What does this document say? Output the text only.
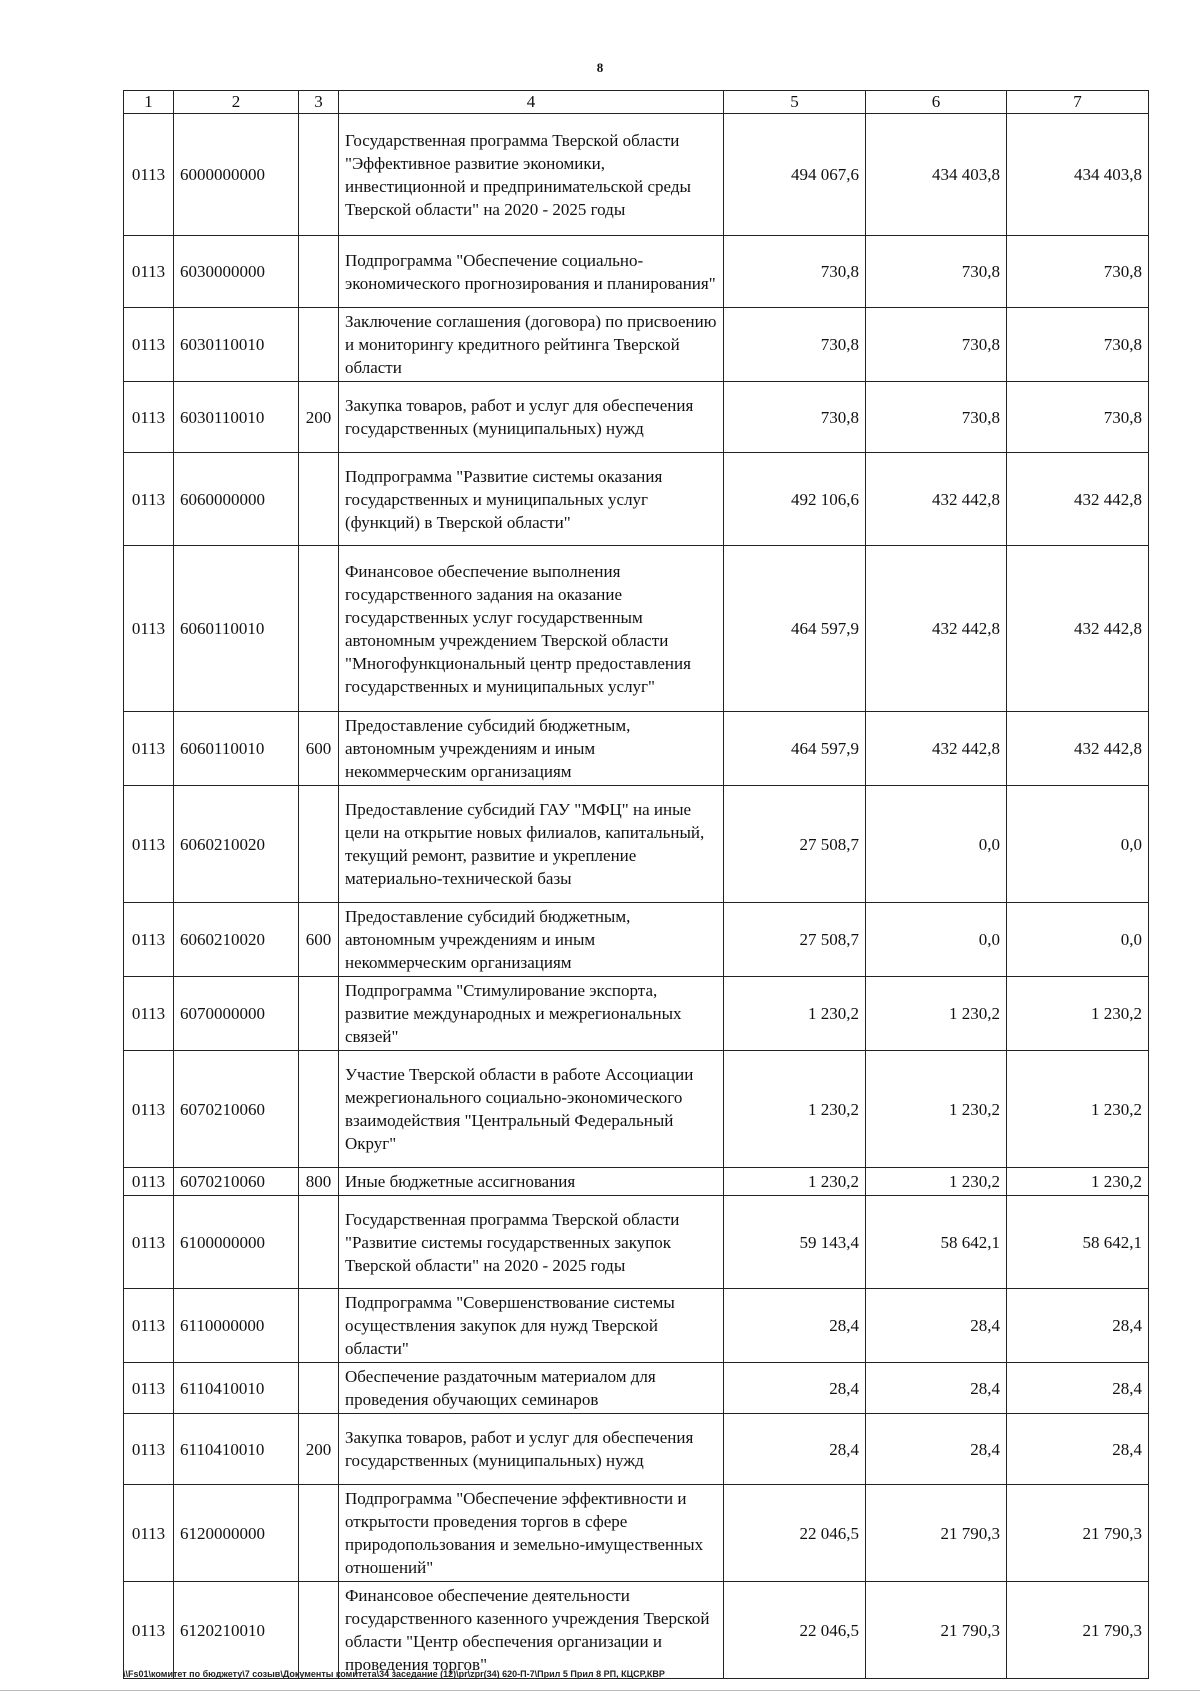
8
1	2	3	4	5	6	7
0113	6000000000		Государственная программа Тверской области "Эффективное развитие экономики, инвестиционной и предпринимательской среды Тверской области" на 2020 - 2025 годы	494 067,6	434 403,8	434 403,8
0113	6030000000		Подпрограмма "Обеспечение социально-экономического прогнозирования и планирования"	730,8	730,8	730,8
0113	6030110010		Заключение соглашения (договора) по присвоению и мониторингу кредитного рейтинга Тверской области	730,8	730,8	730,8
0113	6030110010	200	Закупка товаров, работ и услуг для обеспечения государственных (муниципальных) нужд	730,8	730,8	730,8
0113	6060000000		Подпрограмма "Развитие системы оказания государственных и муниципальных услуг (функций) в Тверской области"	492 106,6	432 442,8	432 442,8
0113	6060110010		Финансовое обеспечение выполнения государственного задания на оказание государственных услуг государственным автономным учреждением Тверской области "Многофункциональный центр предоставления государственных и муниципальных услуг"	464 597,9	432 442,8	432 442,8
0113	6060110010	600	Предоставление субсидий бюджетным, автономным учреждениям и иным некоммерческим организациям	464 597,9	432 442,8	432 442,8
0113	6060210020		Предоставление субсидий ГАУ "МФЦ" на иные цели на открытие новых филиалов, капитальный, текущий ремонт, развитие и укрепление материально-технической базы	27 508,7	0,0	0,0
0113	6060210020	600	Предоставление субсидий бюджетным, автономным учреждениям и иным некоммерческим организациям	27 508,7	0,0	0,0
0113	6070000000		Подпрограмма "Стимулирование экспорта, развитие международных и межрегиональных связей"	1 230,2	1 230,2	1 230,2
0113	6070210060		Участие Тверской области в работе Ассоциации межрегионального социально-экономического взаимодействия "Центральный Федеральный Округ"	1 230,2	1 230,2	1 230,2
0113	6070210060	800	Иные бюджетные ассигнования	1 230,2	1 230,2	1 230,2
0113	6100000000		Государственная программа Тверской области "Развитие системы государственных закупок Тверской области" на 2020 - 2025 годы	59 143,4	58 642,1	58 642,1
0113	6110000000		Подпрограмма "Совершенствование системы осуществления закупок для нужд Тверской области"	28,4	28,4	28,4
0113	6110410010		Обеспечение раздаточным материалом для проведения обучающих семинаров	28,4	28,4	28,4
0113	6110410010	200	Закупка товаров, работ и услуг для обеспечения государственных (муниципальных) нужд	28,4	28,4	28,4
0113	6120000000		Подпрограмма "Обеспечение эффективности и открытости проведения торгов в сфере природопользования и земельно-имущественных отношений"	22 046,5	21 790,3	21 790,3
0113	6120210010		Финансовое обеспечение деятельности государственного казенного учреждения Тверской области "Центр обеспечения организации и проведения торгов"	22 046,5	21 790,3	21 790,3
\\Fs01\комитет по бюджету\7 созыв\Документы комитета\34 заседание (12)\pr\zpr(34) 620-П-7\Прил 5 Прил 8 РП, КЦСР,КВР
